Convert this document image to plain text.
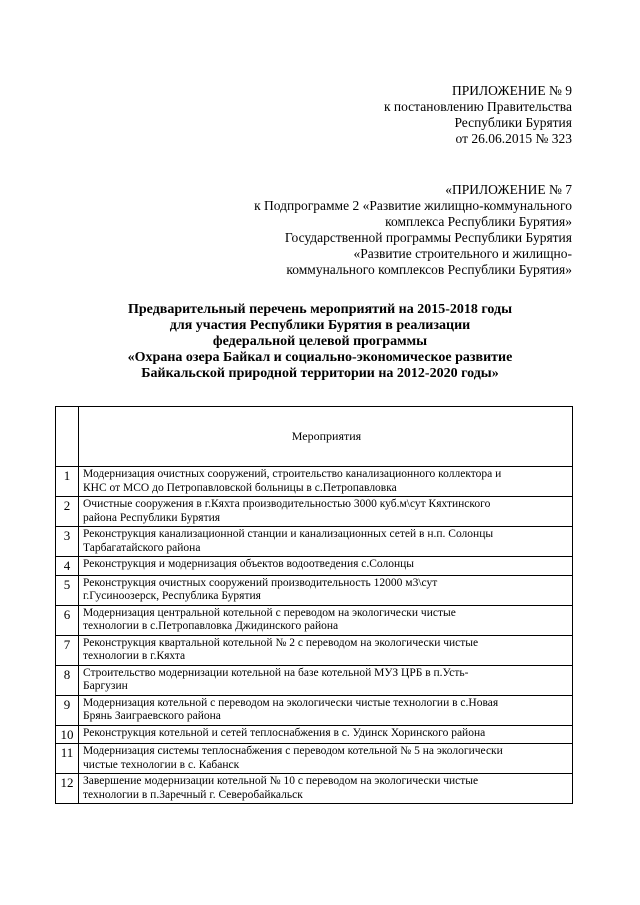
ПРИЛОЖЕНИЕ № 9
к постановлению Правительства
Республики Бурятия
от 26.06.2015 № 323
«ПРИЛОЖЕНИЕ № 7
к Подпрограмме 2 «Развитие жилищно-коммунального
комплекса Республики Бурятия»
Государственной программы Республики Бурятия
«Развитие строительного и жилищно-
коммунального комплексов Республики Бурятия»
Предварительный перечень мероприятий на 2015-2018 годы
для участия Республики Бурятия в реализации
федеральной целевой программы
«Охрана озера Байкал и социально-экономическое развитие
Байкальской природной территории на 2012-2020 годы»
	Мероприятия
1	Модернизация очистных сооружений, строительство канализационного коллектора и
КНС от МСО до Петропавловской больницы в с.Петропавловка

2	Очистные сооружения в г.Кяхта производительностью 3000 куб.м\сут Кяхтинского
района Республики Бурятия

3	Реконструкция канализационной станции и канализационных сетей в н.п. Солонцы
Тарбагатайского района

4	Реконструкция и модернизация объектов водоотведения с.Солонцы

5	Реконструкция очистных сооружений производительность 12000 м3\сут
г.Гусиноозерск, Республика Бурятия

6	Модернизация центральной котельной с переводом на экологически чистые
технологии в с.Петропавловка Джидинского района

7	Реконструкция квартальной котельной № 2 с переводом на экологически чистые
технологии в г.Кяхта

8	Строительство модернизации котельной на базе котельной МУЗ ЦРБ в п.Усть-
Баргузин

9	Модернизация котельной с переводом на экологически чистые технологии в с.Новая
Брянь Заиграевского района

10	Реконструкция котельной и сетей теплоснабжения в с. Удинск Хоринского района

11	Модернизация системы теплоснабжения с переводом котельной № 5 на экологически
чистые технологии в с. Кабанск

12	Завершение модернизации котельной № 10 с переводом на экологически чистые
технологии в п.Заречный г. Северобайкальск
